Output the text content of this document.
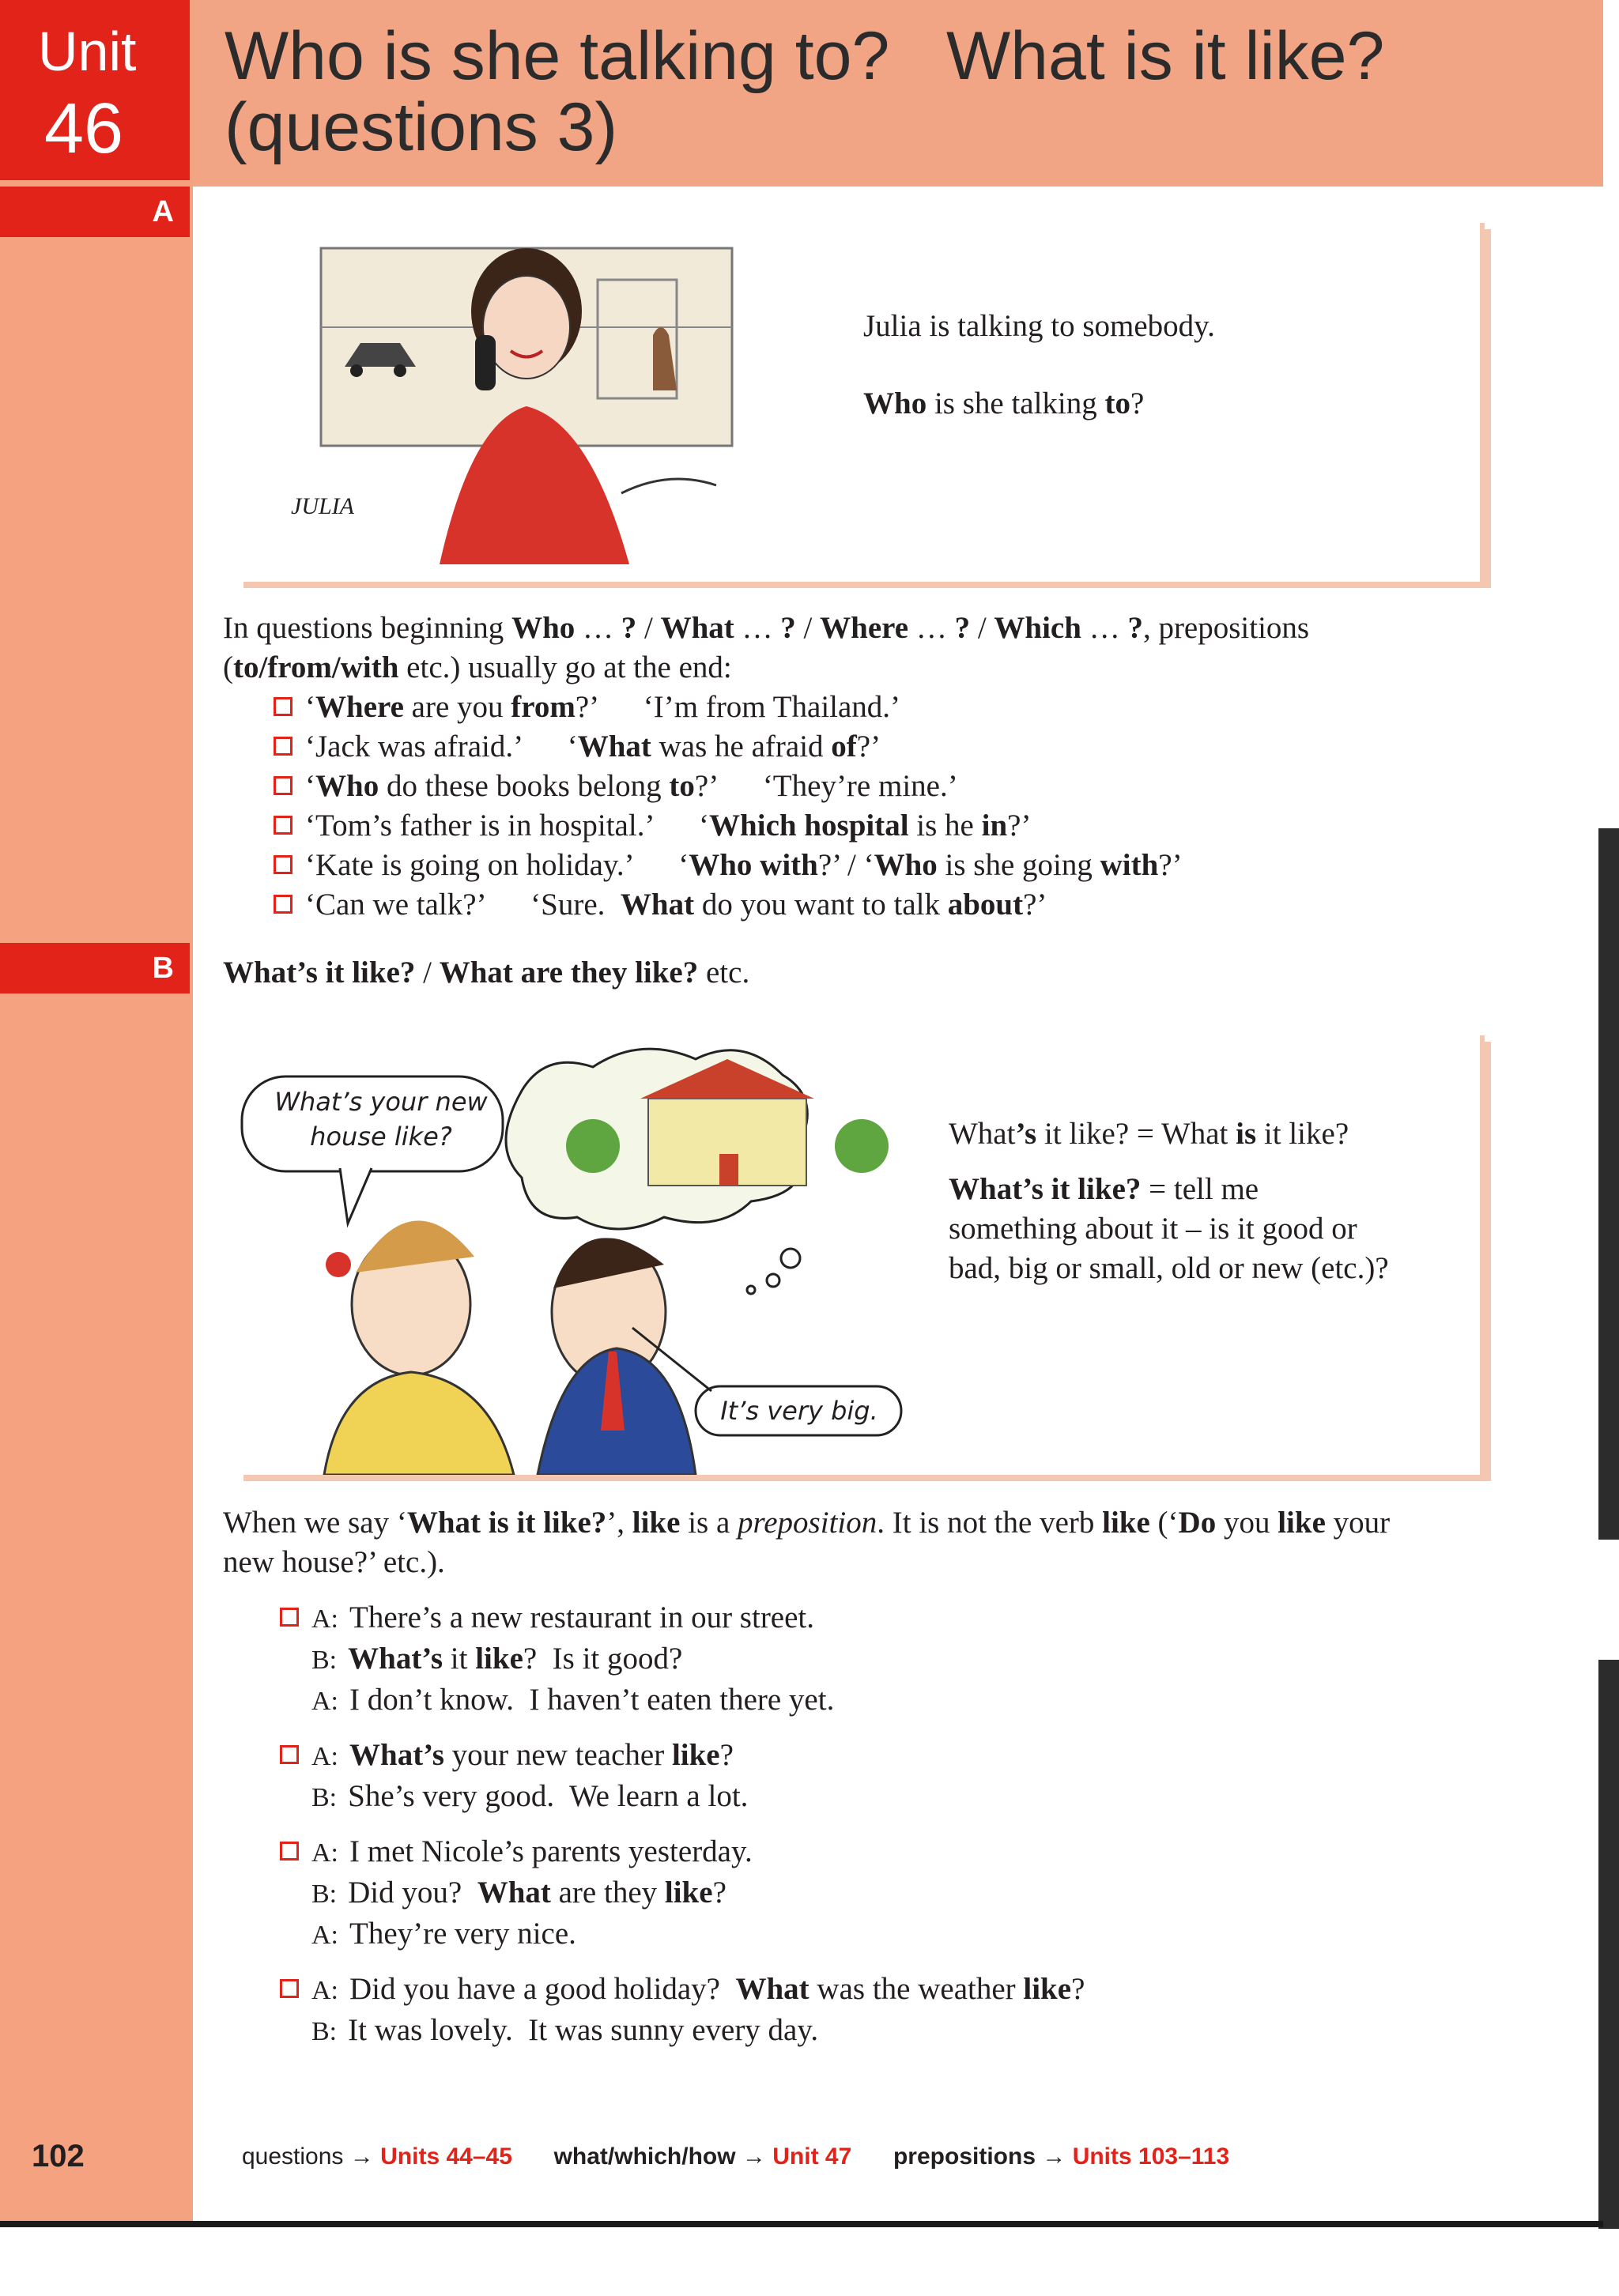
Unit
46
Who is she talking to?   What is it like?
(questions 3)
A
JULIA
Julia is talking to somebody.
Who is she talking to?
In questions beginning Who … ? / What … ? / Where … ? / Which … ?, prepositions
(to/from/with etc.) usually go at the end:
‘Where are you from?’      ‘I’m from Thailand.’
‘Jack was afraid.’      ‘What was he afraid of?’
‘Who do these books belong to?’      ‘They’re mine.’
‘Tom’s father is in hospital.’      ‘Which hospital is he in?’
‘Kate is going on holiday.’      ‘Who with?’ / ‘Who is she going with?’
‘Can we talk?’      ‘Sure.  What do you want to talk about?’
B	What’s it like? / What are they like? etc.
What’s your new house like?
It’s very big.
What’s it like? = What is it like?
What’s it like? = tell me
something about it – is it good or
bad, big or small, old or new (etc.)?
When we say ‘What is it like?’, like is a preposition. It is not the verb like (‘Do you like your
new house?’ etc.).
A: There’s a new restaurant in our street.
B: What’s it like?  Is it good?
A: I don’t know.  I haven’t eaten there yet.
A: What’s your new teacher like?
B: She’s very good.  We learn a lot.
A: I met Nicole’s parents yesterday.
B: Did you?  What are they like?
A: They’re very nice.
A: Did you have a good holiday?  What was the weather like?
B: It was lovely.  It was sunny every day.
102	questions → Units 44–45 what/which/how → Unit 47 prepositions → Units 103–113
